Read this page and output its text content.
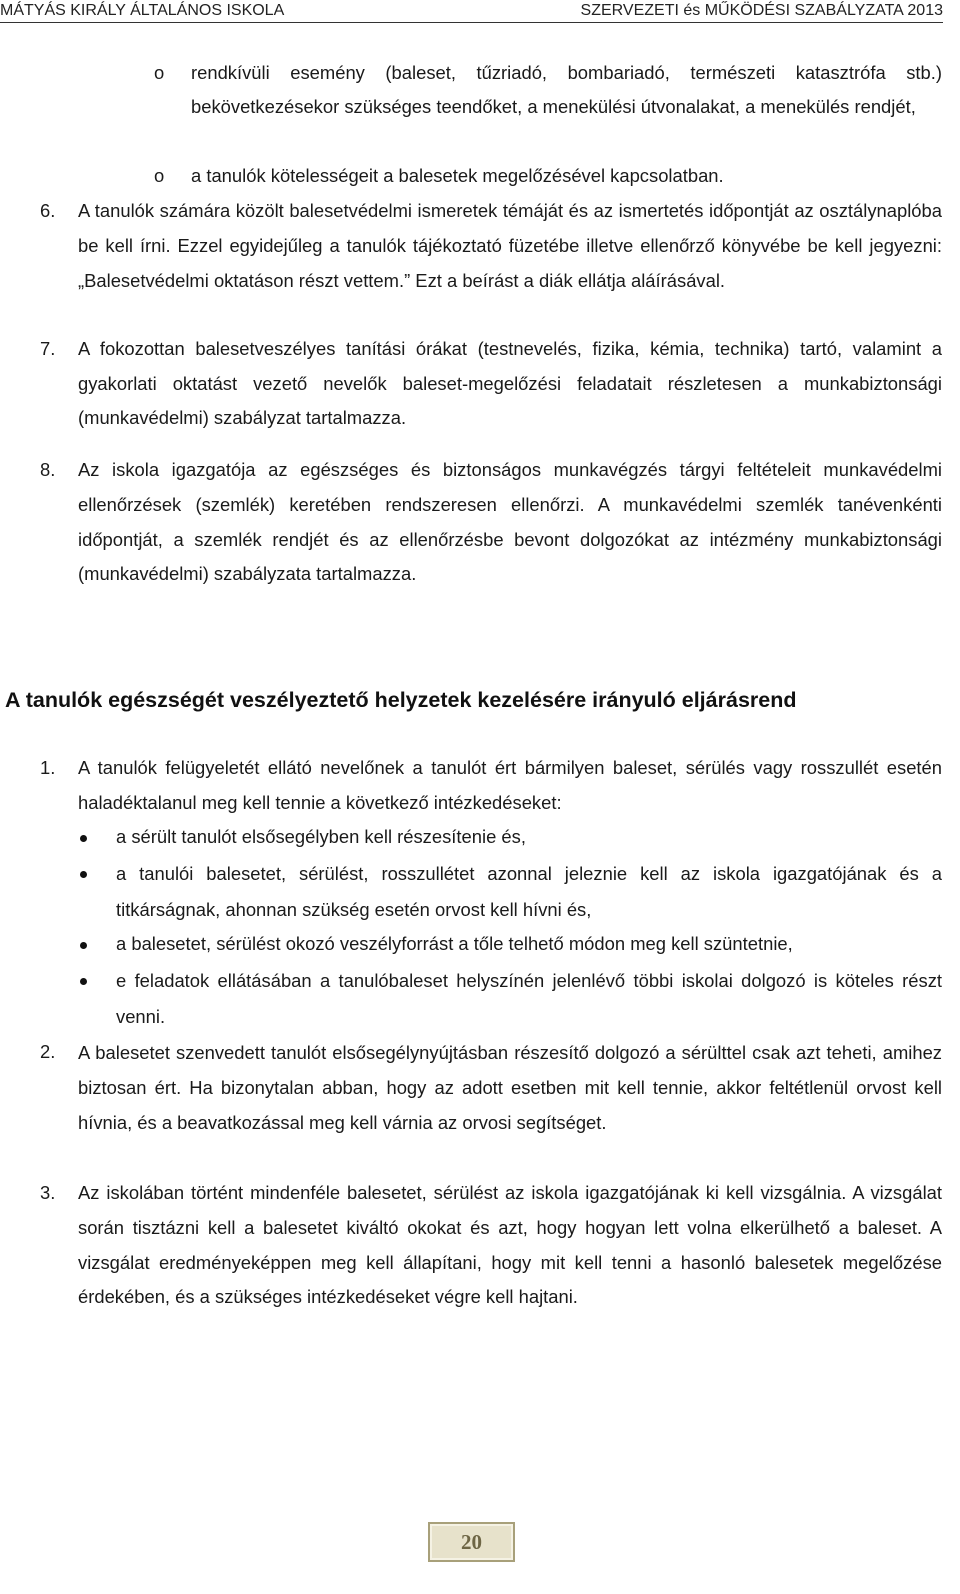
MÁTYÁS KIRÁLY ÁLTALÁNOS ISKOLA	SZERVEZETI és MŰKÖDÉSI SZABÁLYZATA 2013
o rendkívüli esemény (baleset, tűzriadó, bombariadó, természeti katasztrófa stb.) bekövetkezésekor szükséges teendőket, a menekülési útvonalakat, a menekülés rendjét,
o a tanulók kötelességeit a balesetek megelőzésével kapcsolatban.
6. A tanulók számára közölt balesetvédelmi ismeretek témáját és az ismertetés időpontját az osztálynaplóba be kell írni. Ezzel egyidejűleg a tanulók tájékoztató füzetébe illetve ellenőrző könyvébe be kell jegyezni: „Balesetvédelmi oktatáson részt vettem.” Ezt a beírást a diák ellátja aláírásával.
7. A fokozottan balesetveszélyes tanítási órákat (testnevelés, fizika, kémia, technika) tartó, valamint a gyakorlati oktatást vezető nevelők baleset-megelőzési feladatait részletesen a munkabiztonsági (munkavédelmi) szabályzat tartalmazza.
8. Az iskola igazgatója az egészséges és biztonságos munkavégzés tárgyi feltételeit munkavédelmi ellenőrzések (szemlék) keretében rendszeresen ellenőrzi. A munkavédelmi szemlék tanévenkénti időpontját, a szemlék rendjét és az ellenőrzésbe bevont dolgozókat az intézmény munkabiztonsági (munkavédelmi) szabályzata tartalmazza.
A tanulók egészségét veszélyeztető helyzetek kezelésére irányuló eljárásrend
1. A tanulók felügyeletét ellátó nevelőnek a tanulót ért bármilyen baleset, sérülés vagy rosszullét esetén haladéktalanul meg kell tennie a következő intézkedéseket:
a sérült tanulót elsősegélyben kell részesítenie és,
a tanulói balesetet, sérülést, rosszullétet azonnal jeleznie kell az iskola igazgatójának és a titkárságnak, ahonnan szükség esetén orvost kell hívni és,
a balesetet, sérülést okozó veszélyforrást a tőle telhető módon meg kell szüntetnie,
e feladatok ellátásában a tanulóbaleset helyszínén jelenlévő többi iskolai dolgozó is köteles részt venni.
2. A balesetet szenvedett tanulót elsősegélynyújtásban részesítő dolgozó a sérülttel csak azt teheti, amihez biztosan ért. Ha bizonytalan abban, hogy az adott esetben mit kell tennie, akkor feltétlenül orvost kell hívnia, és a beavatkozással meg kell várnia az orvosi segítséget.
3. Az iskolában történt mindenféle balesetet, sérülést az iskola igazgatójának ki kell vizsgálnia. A vizsgálat során tisztázni kell a balesetet kiváltó okokat és azt, hogy hogyan lett volna elkerülhető a baleset. A vizsgálat eredményeképpen meg kell állapítani, hogy mit kell tenni a hasonló balesetek megelőzése érdekében, és a szükséges intézkedéseket végre kell hajtani.
20
